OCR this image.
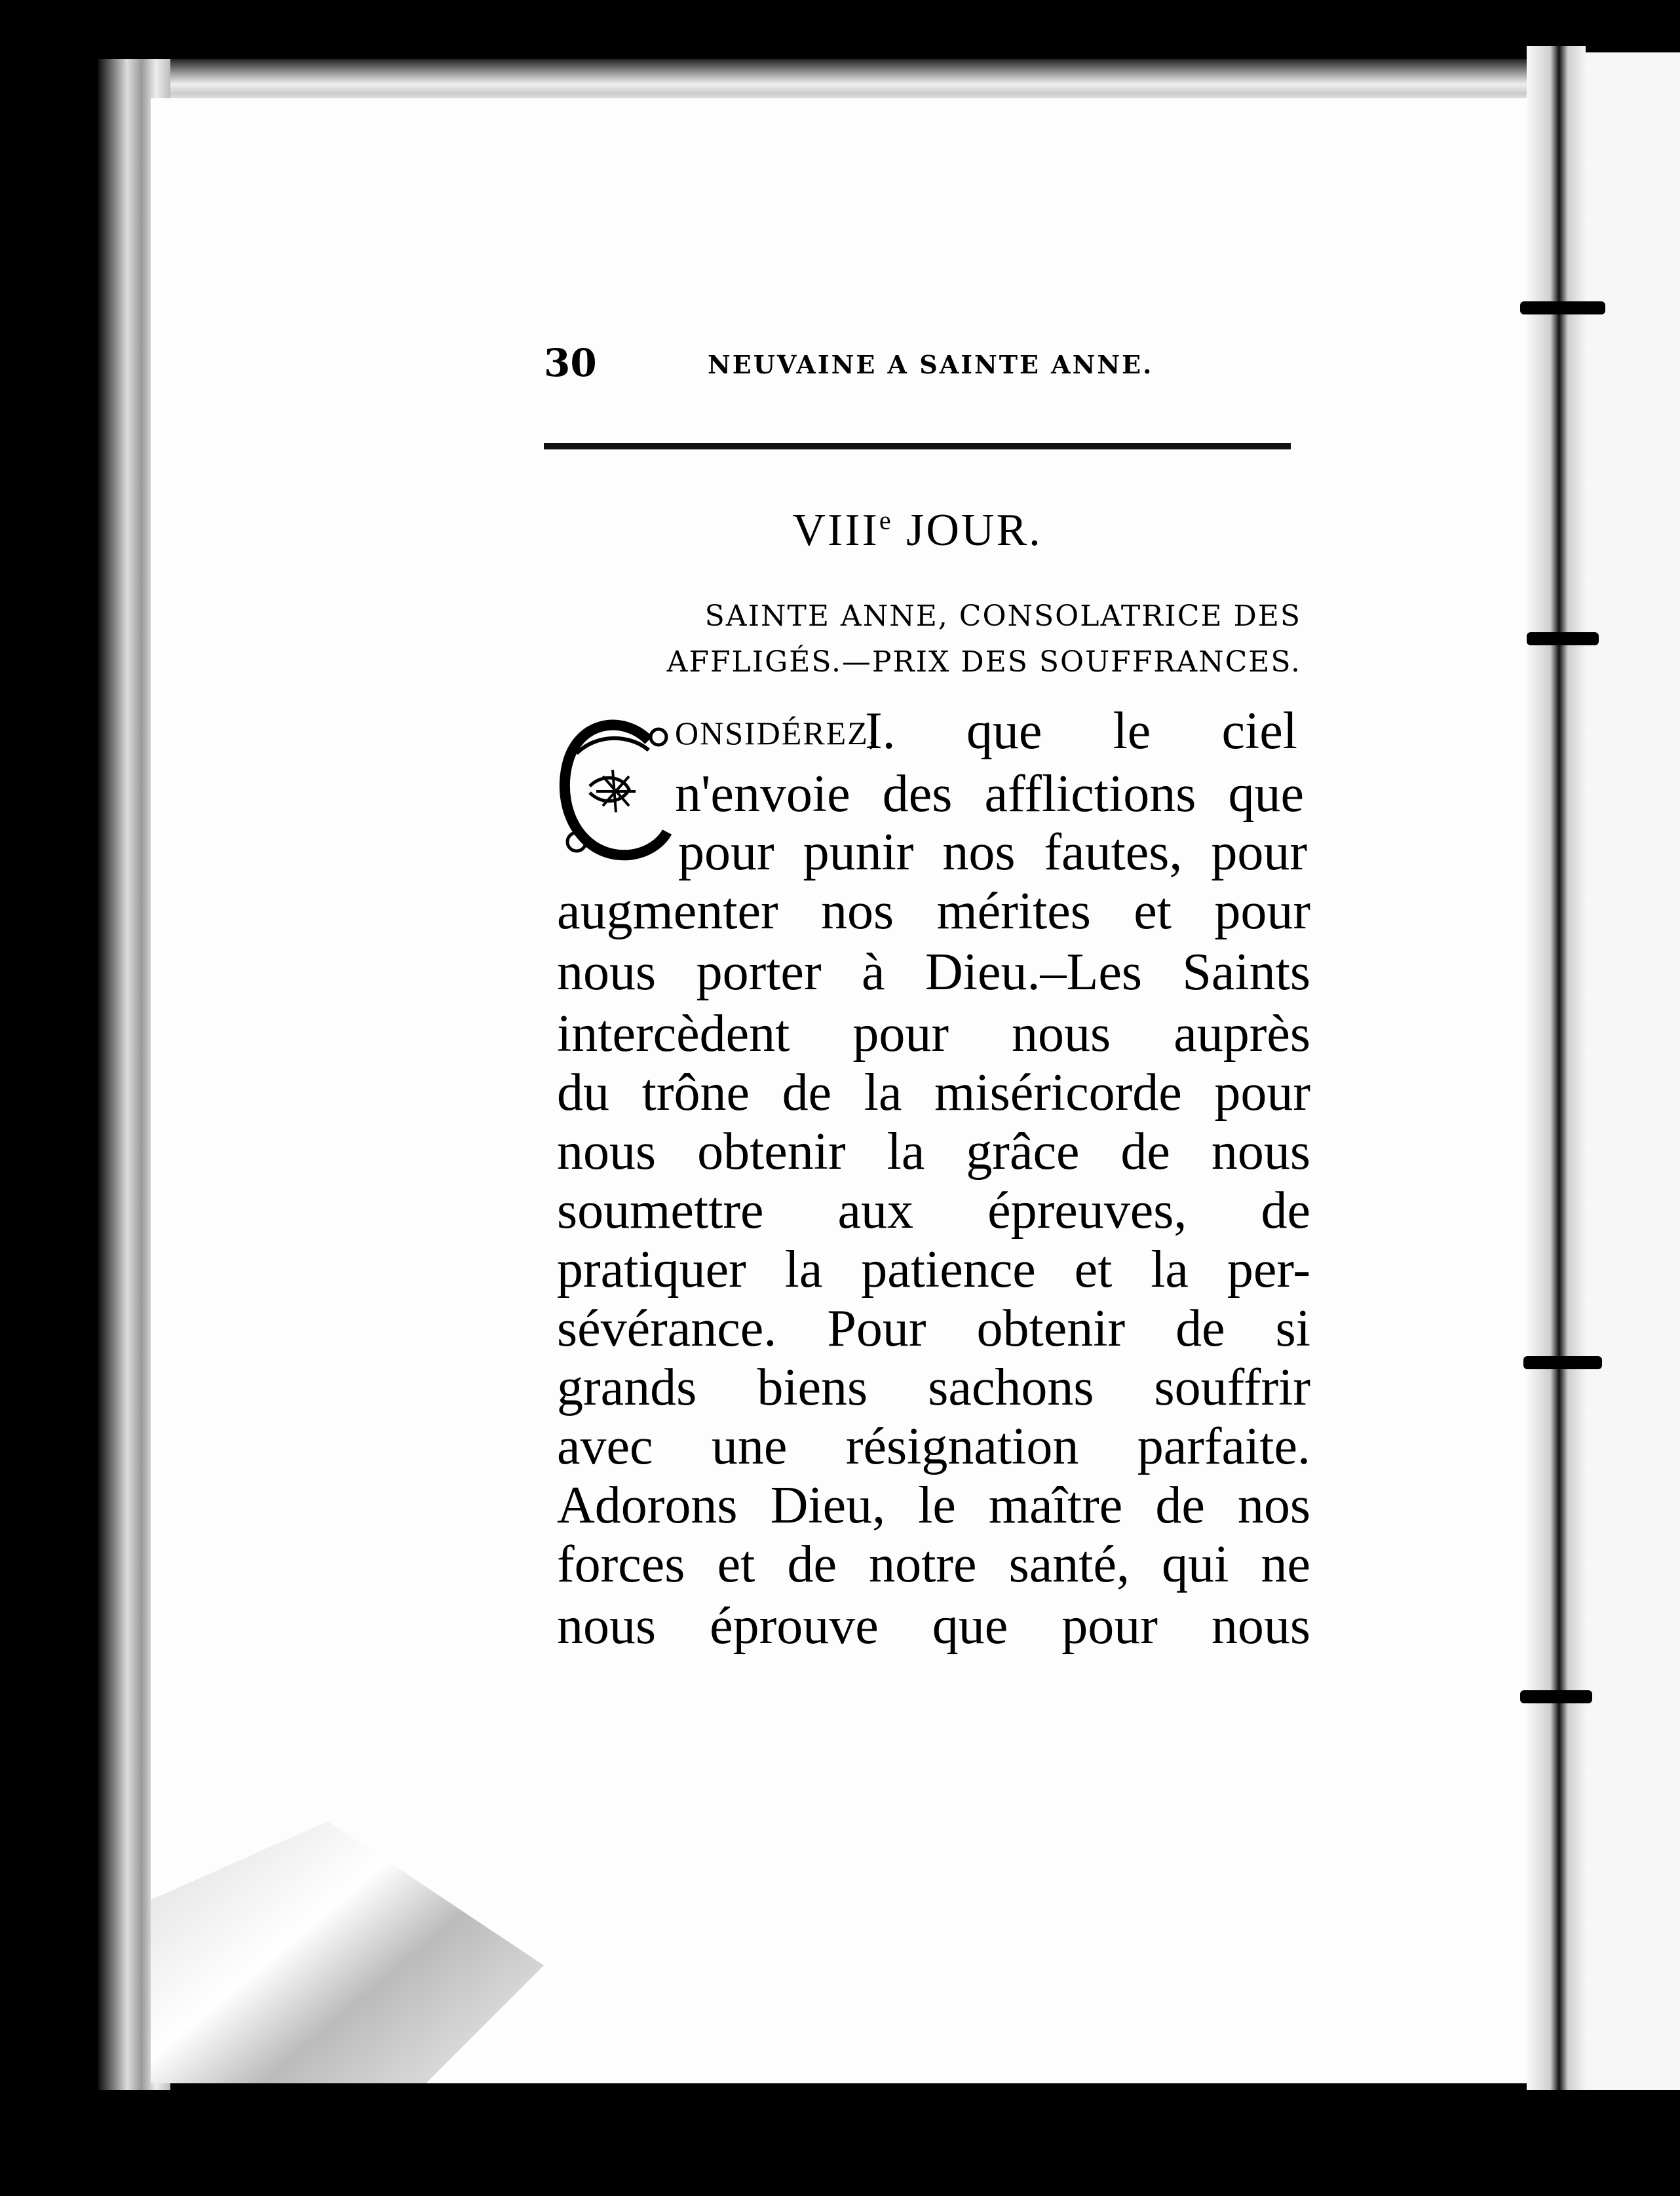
30	NEUVAINE A SAINTE ANNE.
VIIIe JOUR.
SAINTE ANNE, CONSOLATRICE DES
AFFLIGÉS.—PRIX DES SOUFFRANCES.
ONSIDÉREZ,
I. que le ciel
n'envoie des afflictions que
pour punir nos fautes, pour
augmenter nos mérites et pour
nous porter à Dieu.–Les Saints
intercèdent pour nous auprès
du trône de la miséricorde pour
nous obtenir la grâce de nous
soumettre aux épreuves, de
pratiquer la patience et la per-
sévérance. Pour obtenir de si
grands biens sachons souffrir
avec une résignation parfaite.
Adorons Dieu, le maître de nos
forces et de notre santé, qui ne
nous éprouve que pour nous
